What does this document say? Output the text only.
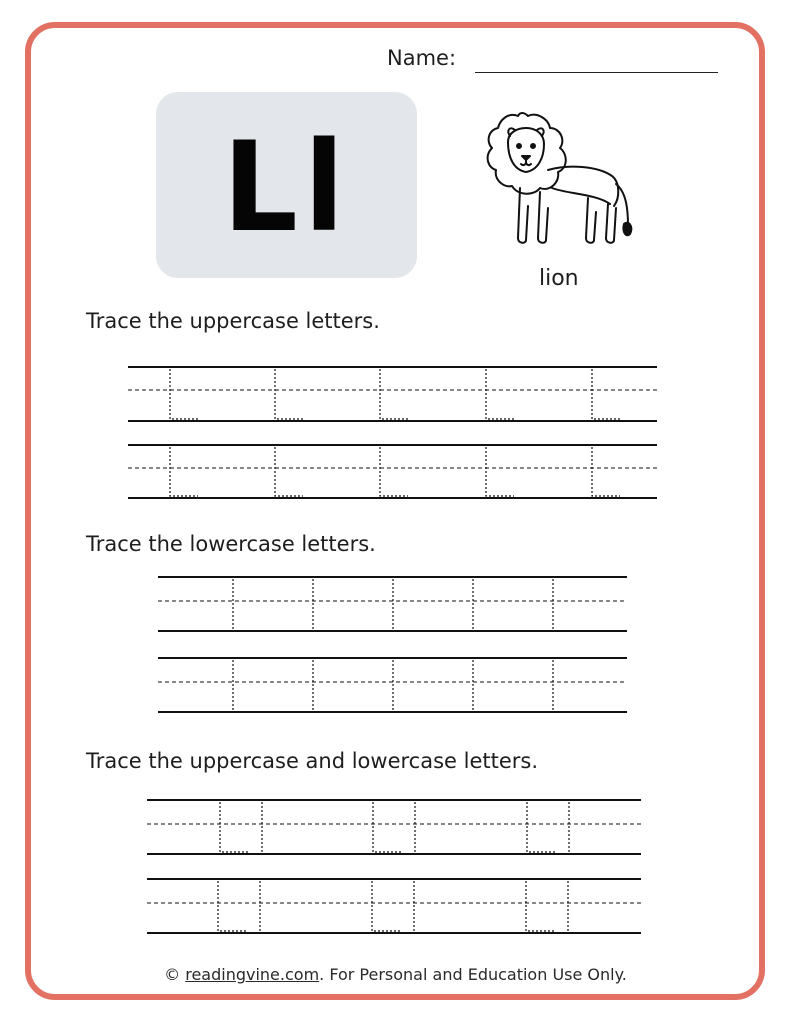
Name:
Ll
lion
Trace the uppercase letters.
Trace the lowercase letters.
Trace the uppercase and lowercase letters.
© readingvine.com. For Personal and Education Use Only.
